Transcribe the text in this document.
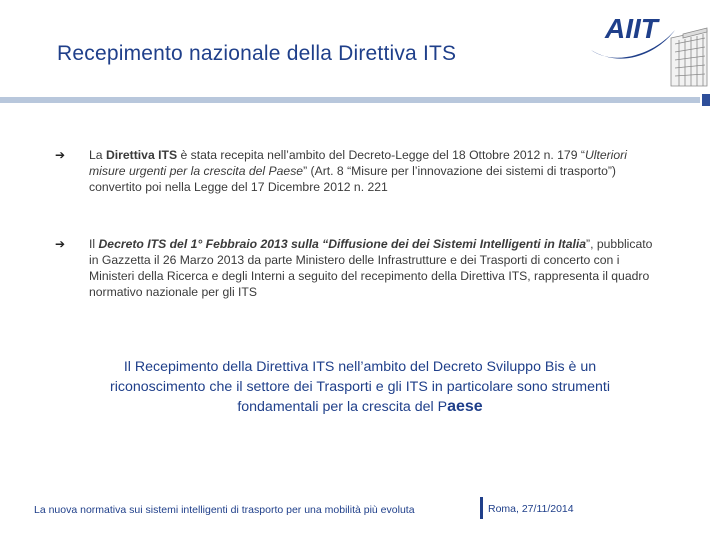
Recepimento nazionale della Direttiva ITS
AIIT
➔	La Direttiva ITS è stata recepita nell’ambito del Decreto-Legge del 18 Ottobre 2012 n. 179 “Ulteriori misure urgenti per la crescita del Paese” (Art. 8 “Misure per l’innovazione dei sistemi di trasporto”) convertito poi nella Legge del 17 Dicembre 2012 n. 221
➔	Il Decreto ITS del 1° Febbraio 2013 sulla “Diffusione dei dei Sistemi Intelligenti in Italia”, pubblicato in Gazzetta il 26 Marzo 2013 da parte Ministero delle Infrastrutture e dei Trasporti di concerto con i Ministeri della Ricerca e degli Interni a seguito del recepimento della Direttiva ITS, rappresenta il quadro normativo nazionale per gli ITS
Il Recepimento della Direttiva ITS nell’ambito del Decreto Sviluppo Bis è un riconoscimento che il settore dei Trasporti e gli ITS in particolare sono strumenti fondamentali per la crescita del Paese
La nuova normativa sui sistemi intelligenti di trasporto per una mobilità più evoluta	Roma, 27/11/2014
